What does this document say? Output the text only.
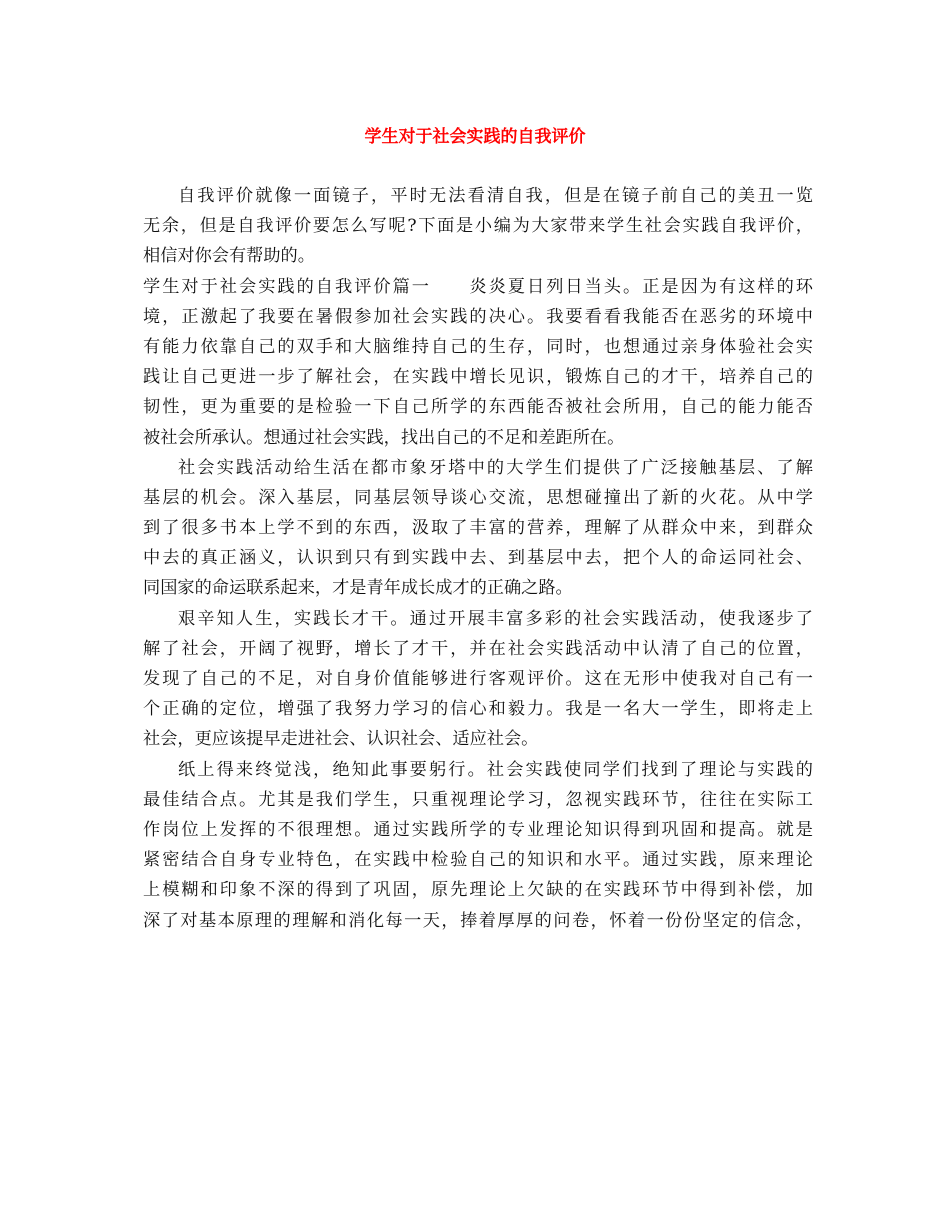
学生对于社会实践的自我评价
自我评价就像一面镜子，平时无法看清自我，但是在镜子前自己的美丑一览
无余，但是自我评价要怎么写呢?下面是小编为大家带来学生社会实践自我评价，
相信对你会有帮助的。
学生对于社会实践的自我评价篇一　　炎炎夏日列日当头。正是因为有这样的环
境，正激起了我要在暑假参加社会实践的决心。我要看看我能否在恶劣的环境中
有能力依靠自己的双手和大脑维持自己的生存，同时，也想通过亲身体验社会实
践让自己更进一步了解社会，在实践中增长见识，锻炼自己的才干，培养自己的
韧性，更为重要的是检验一下自己所学的东西能否被社会所用，自己的能力能否
被社会所承认。想通过社会实践，找出自己的不足和差距所在。
社会实践活动给生活在都市象牙塔中的大学生们提供了广泛接触基层、了解
基层的机会。深入基层，同基层领导谈心交流，思想碰撞出了新的火花。从中学
到了很多书本上学不到的东西，汲取了丰富的营养，理解了从群众中来，到群众
中去的真正涵义，认识到只有到实践中去、到基层中去，把个人的命运同社会、
同国家的命运联系起来，才是青年成长成才的正确之路。
艰辛知人生，实践长才干。通过开展丰富多彩的社会实践活动，使我逐步了
解了社会，开阔了视野，增长了才干，并在社会实践活动中认清了自己的位置，
发现了自己的不足，对自身价值能够进行客观评价。这在无形中使我对自己有一
个正确的定位，增强了我努力学习的信心和毅力。我是一名大一学生，即将走上
社会，更应该提早走进社会、认识社会、适应社会。
纸上得来终觉浅，绝知此事要躬行。社会实践使同学们找到了理论与实践的
最佳结合点。尤其是我们学生，只重视理论学习，忽视实践环节，往往在实际工
作岗位上发挥的不很理想。通过实践所学的专业理论知识得到巩固和提高。就是
紧密结合自身专业特色，在实践中检验自己的知识和水平。通过实践，原来理论
上模糊和印象不深的得到了巩固，原先理论上欠缺的在实践环节中得到补偿，加
深了对基本原理的理解和消化每一天，捧着厚厚的问卷，怀着一份份坚定的信念，
